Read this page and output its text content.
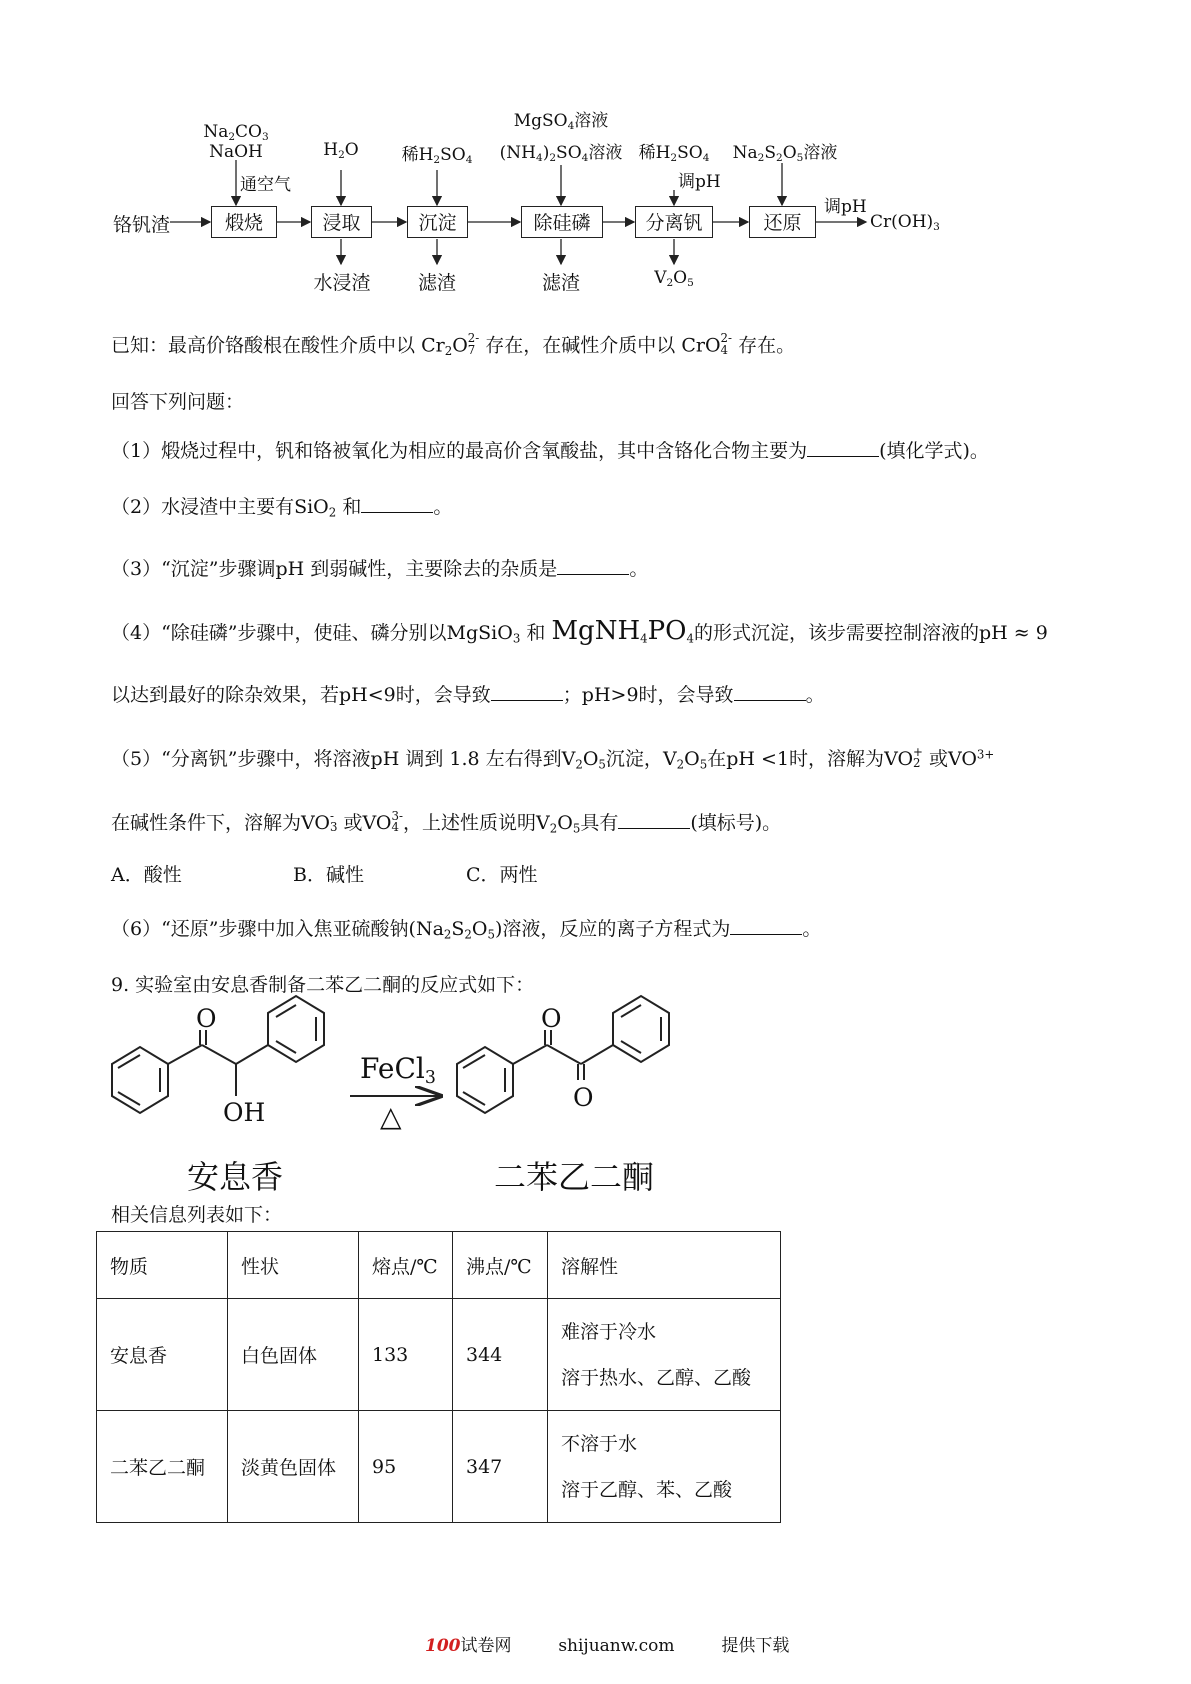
铬钒渣	煅烧	浸取	沉淀	除硅磷	分离钒	还原	$Cr(OH)_3$
$Na_2CO_3$
NaOH
通空气
$H_2O$	稀$H_2SO_4$
MgSO$_4$溶液
$(NH_4)_2SO_4$溶液 稀$H_2SO_4$
调pH
$Na_2S_2O_5$溶液
调pH
水浸渣	滤渣	滤渣	$V_2O_5$
已知：最高价铬酸根在酸性介质中以 $Cr_2O2-$
7 存在，在碱性介质中以 CrO2-
4 存在。
回答下列问题：
（1）煅烧过程中，钒和铬被氧化为相应的最高价含氧酸盐，其中含铬化合物主要为	(填化学式)。
（2）水浸渣中主要有SiO$_2$ 和	。
（3）“沉淀”步骤调pH 到弱碱性，主要除去的杂质是	。
（4）“除硅磷”步骤中，使硅、磷分别以MgSiO$_3$ 和 $MgNH_4PO_4$的形式沉淀，该步需要控制溶液的pH ≈ 9
以达到最好的除杂效果，若pH<9时，会导致	；pH>9时，会导致	。
（5）“分离钒”步骤中，将溶液pH 调到 1.8 左右得到$V_2O_5$沉淀，$V_2O_5$在pH <1时，溶解为VO+
2 或$VO^{3+}$
在碱性条件下，溶解为VO-
3 或VO3-
4 ，上述性质说明$V_2O_5$具有	(填标号)。
A．酸性	B．碱性	C．两性
（6）“还原”步骤中加入焦亚硫酸钠$(Na_2S_2O_5)$溶液，反应的离子方程式为	。
9. 实验室由安息香制备二苯乙二酮的反应式如下：
O
OH
O
O
FeCl$_3$
△
安息香	二苯乙二酮
相关信息列表如下：
物质	性状	熔点/℃	沸点/℃	溶解性
安息香	白色固体	133	344	难溶于冷水
溶于热水、乙醇、乙酸
二苯乙二酮	淡黄色固体	95	347	不溶于水
溶于乙醇、苯、乙酸
100试卷网	shijuanw.com	提供下载
